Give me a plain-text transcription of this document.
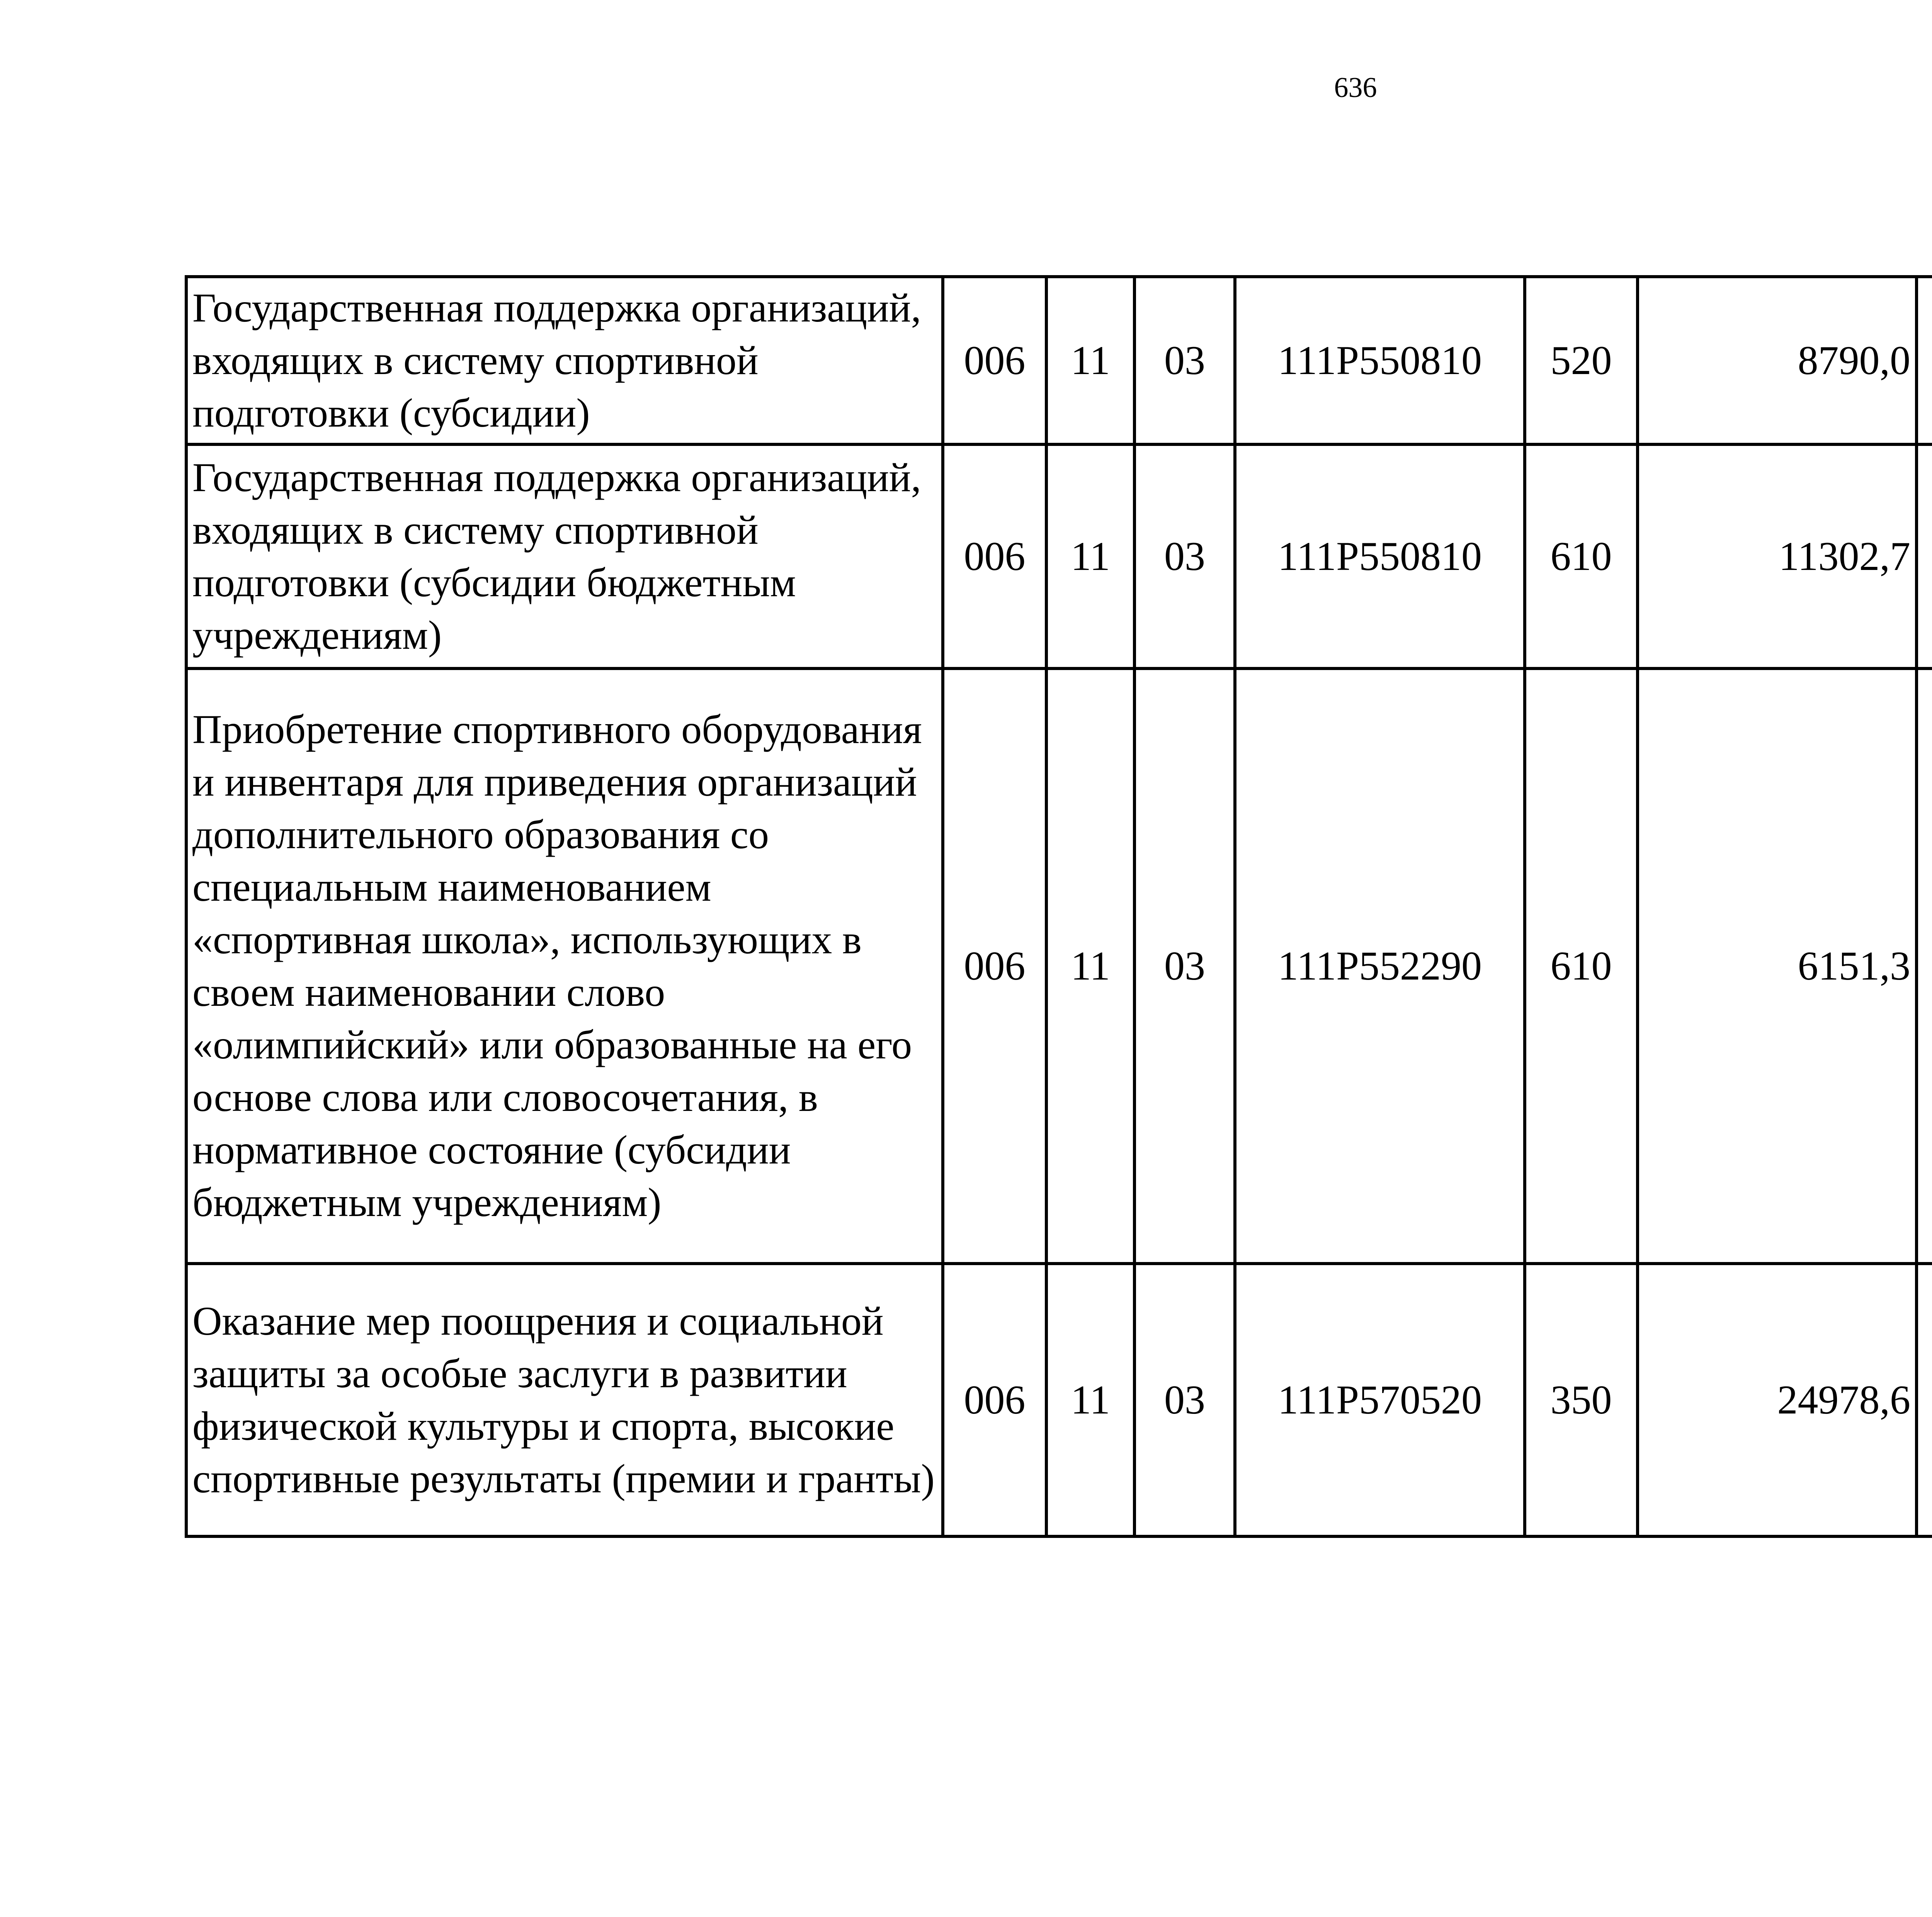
636
Государственная поддержка организаций, входящих в систему спортивной подготовки (субсидии)	006	11	03	111Р550810	520	8790,0		
Государственная поддержка организаций, входящих в систему спортивной подготовки (субсидии бюджетным учреждениям)	006	11	03	111Р550810	610	11302,7		
Приобретение спортивного оборудования и инвентаря для приведения организаций дополнительного образования со специальным наименованием «спортивная школа», использующих в своем наименовании слово «олимпийский» или образованные на его основе слова или словосочетания, в нормативное состояние (субсидии бюджетным учреждениям)	006	11	03	111Р552290	610	6151,3		
Оказание мер поощрения и социальной защиты за особые заслуги в развитии физической культуры и спорта, высокие спортивные результаты (премии и гранты)	006	11	03	111Р570520	350	24978,6		
